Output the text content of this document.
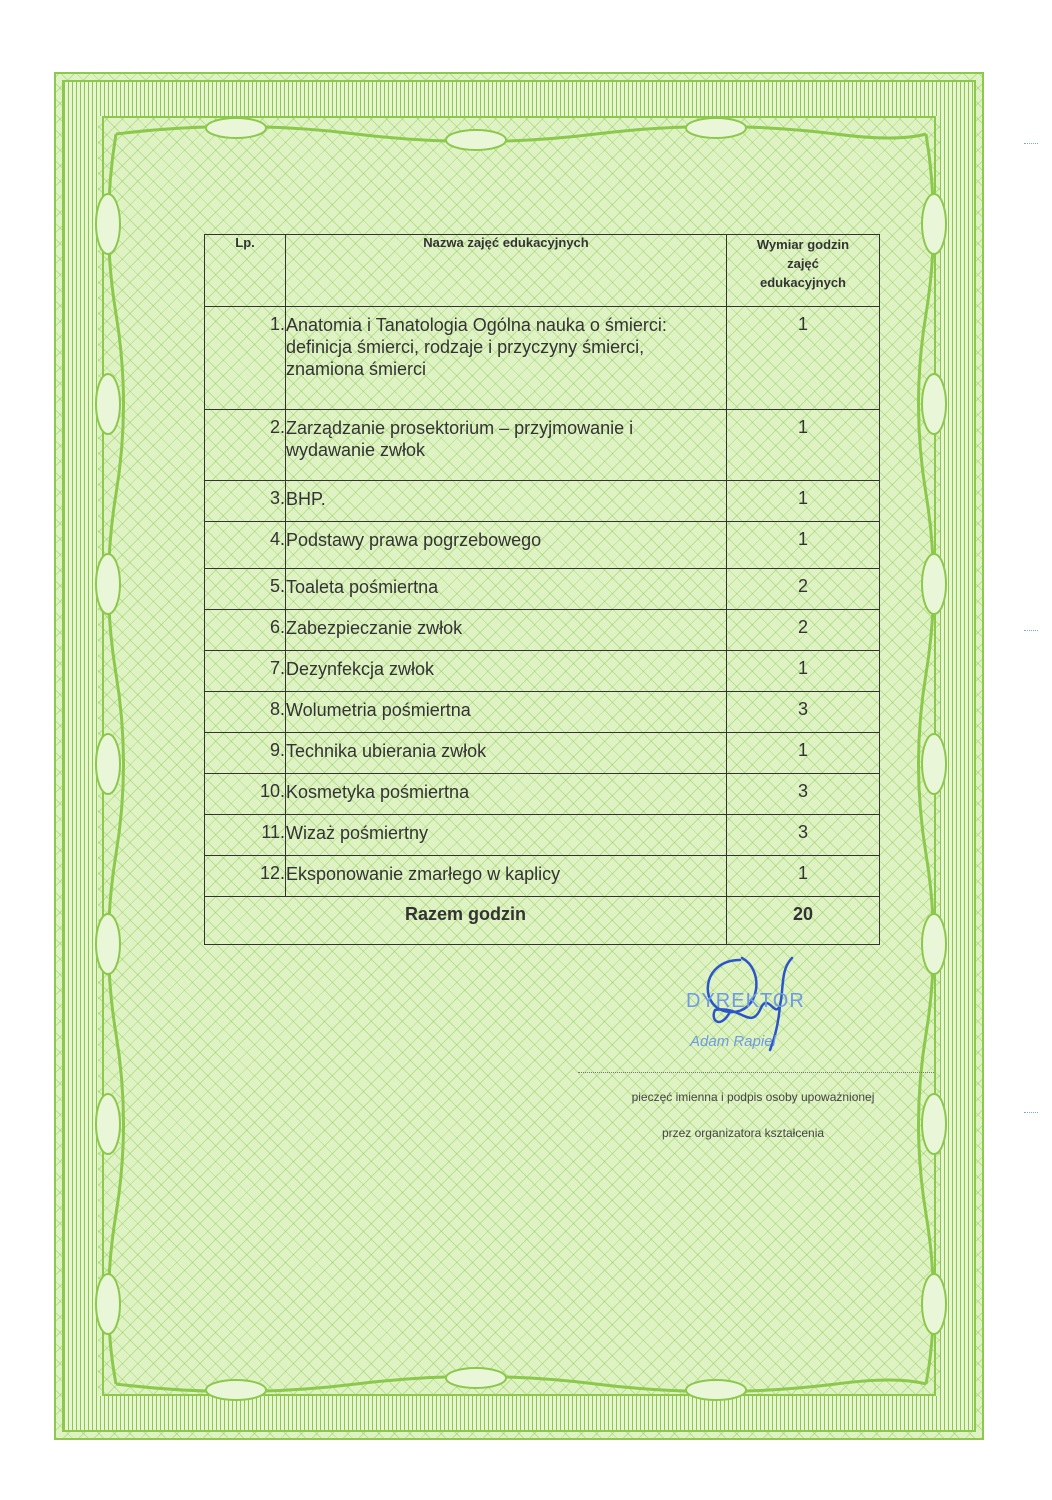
Lp.	Nazwa zajęć edukacyjnych	Wymiar godzin
zajęć
edukacyjnych

1.	Anatomia i Tanatologia Ogólna nauka o śmierci: definicja śmierci, rodzaje i przyczyny śmierci, znamiona śmierci	1

2.	Zarządzanie prosektorium – przyjmowanie i wydawanie zwłok	1

3.	BHP.	1

4.	Podstawy prawa pogrzebowego	1

5.	Toaleta pośmiertna	2

6.	Zabezpieczanie zwłok	2

7.	Dezynfekcja zwłok	1

8.	Wolumetria pośmiertna	3

9.	Technika ubierania zwłok	1

10.	Kosmetyka pośmiertna	3

11.	Wizaż pośmiertny	3

12.	Eksponowanie zmarłego w kaplicy	1

Razem godzin		20
DYREKTOR
Adam Rapiel
pieczęć imienna i podpis osoby upoważnionej
przez organizatora kształcenia
